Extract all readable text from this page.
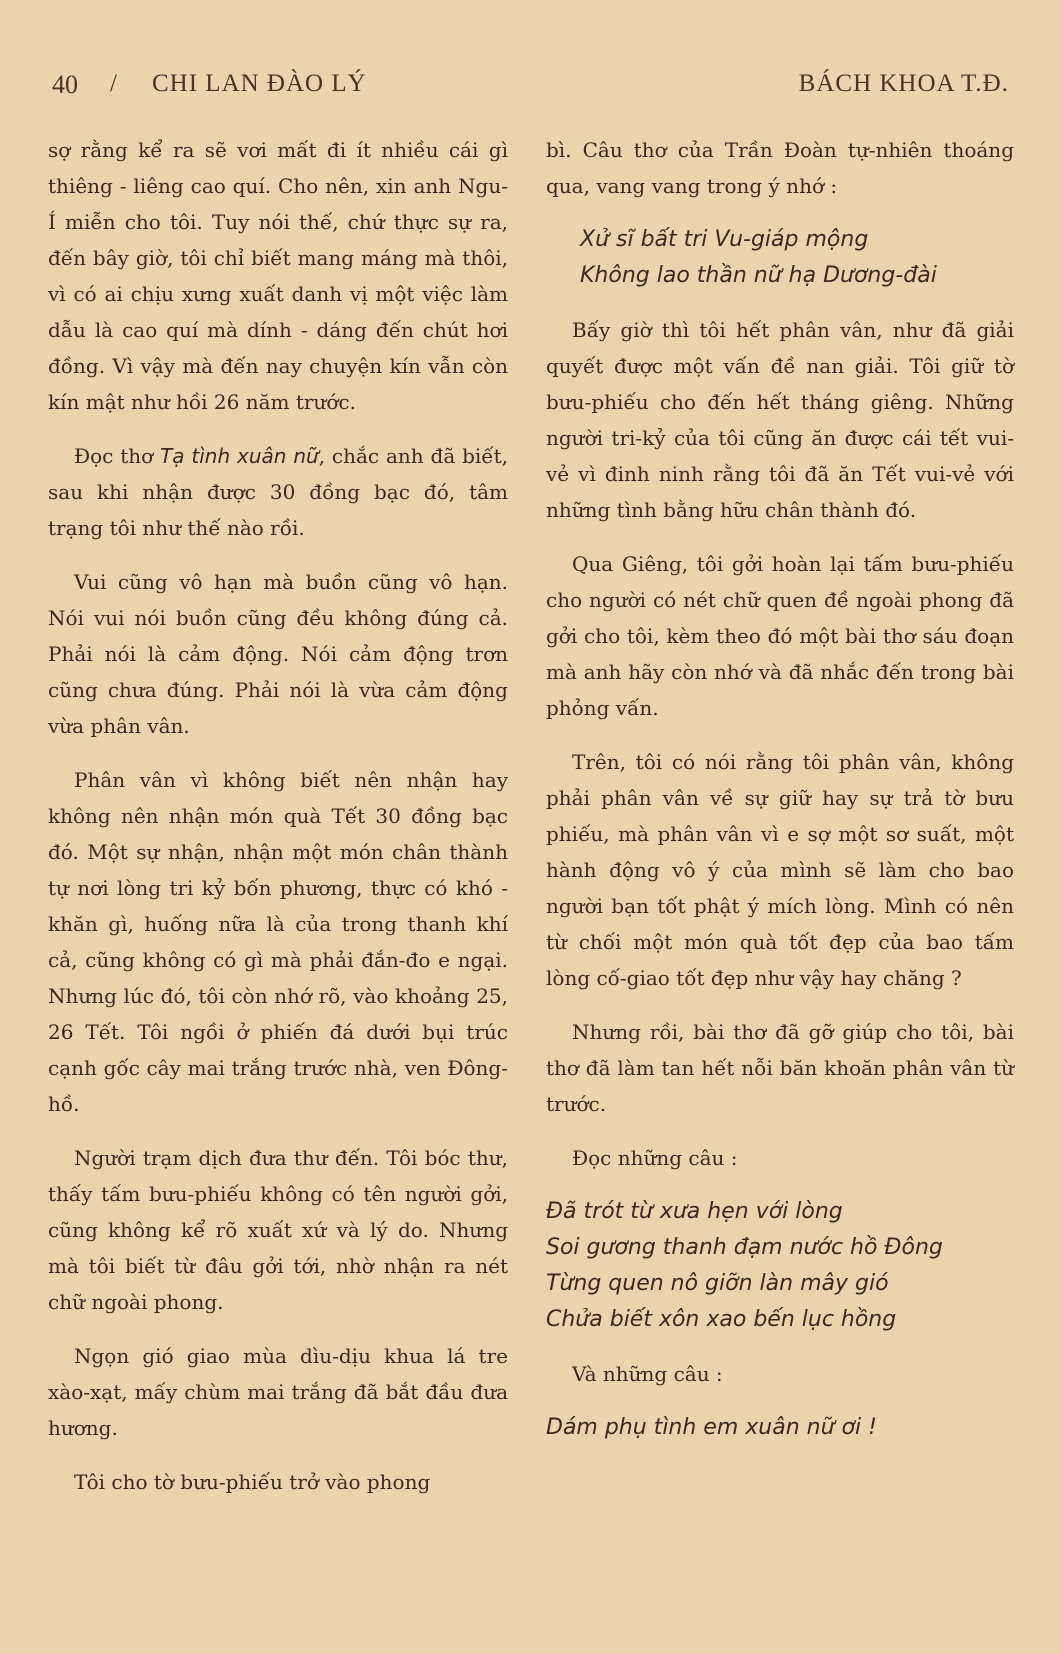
40 / CHI LAN ĐÀO LÝ	BÁCH KHOA T.Đ.

sợ rằng kể ra sẽ vơi mất đi ít nhiều cái gì thiêng - liêng cao quí. Cho nên, xin anh Ngu-Í miễn cho tôi. Tuy nói thế, chứ thực sự ra, đến bây giờ, tôi chỉ biết mang máng mà thôi, vì có ai chịu xưng xuất danh vị một việc làm dẫu là cao quí mà dính - dáng đến chút hơi đồng. Vì vậy mà đến nay chuyện kín vẫn còn kín mật như hồi 26 năm trước.

Đọc thơ Tạ tình xuân nữ, chắc anh đã biết, sau khi nhận được 30 đồng bạc đó, tâm trạng tôi như thế nào rồi.

Vui cũng vô hạn mà buồn cũng vô hạn. Nói vui nói buồn cũng đều không đúng cả. Phải nói là cảm động. Nói cảm động trơn cũng chưa đúng. Phải nói là vừa cảm động vừa phân vân.

Phân vân vì không biết nên nhận hay không nên nhận món quà Tết 30 đồng bạc đó. Một sự nhận, nhận một món chân thành tự nơi lòng tri kỷ bốn phương, thực có khó - khăn gì, huống nữa là của trong thanh khí cả, cũng không có gì mà phải đắn-đo e ngại. Nhưng lúc đó, tôi còn nhớ rõ, vào khoảng 25, 26 Tết. Tôi ngồi ở phiến đá dưới bụi trúc cạnh gốc cây mai trắng trước nhà, ven Đông-hồ.

Người trạm dịch đưa thư đến. Tôi bóc thư, thấy tấm bưu-phiếu không có tên người gởi, cũng không kể rõ xuất xứ và lý do. Nhưng mà tôi biết từ đâu gởi tới, nhờ nhận ra nét chữ ngoài phong.

Ngọn gió giao mùa dìu-dịu khua lá tre xào-xạt, mấy chùm mai trắng đã bắt đầu đưa hương.

Tôi cho tờ bưu-phiếu trở vào phong

bì. Câu thơ của Trần Đoàn tự-nhiên thoáng qua, vang vang trong ý nhớ :

Xử sĩ bất tri Vu-giáp mộng
Không lao thần nữ hạ Dương-đài

Bấy giờ thì tôi hết phân vân, như đã giải quyết được một vấn đề nan giải. Tôi giữ tờ bưu-phiếu cho đến hết tháng giêng. Những người tri-kỷ của tôi cũng ăn được cái tết vui-vẻ vì đinh ninh rằng tôi đã ăn Tết vui-vẻ với những tình bằng hữu chân thành đó.

Qua Giêng, tôi gởi hoàn lại tấm bưu-phiếu cho người có nét chữ quen đề ngoài phong đã gởi cho tôi, kèm theo đó một bài thơ sáu đoạn mà anh hãy còn nhớ và đã nhắc đến trong bài phỏng vấn.

Trên, tôi có nói rằng tôi phân vân, không phải phân vân về sự giữ hay sự trả tờ bưu phiếu, mà phân vân vì e sợ một sơ suất, một hành động vô ý của mình sẽ làm cho bao người bạn tốt phật ý mích lòng. Mình có nên từ chối một món quà tốt đẹp của bao tấm lòng cố-giao tốt đẹp như vậy hay chăng ?

Nhưng rồi, bài thơ đã gỡ giúp cho tôi, bài thơ đã làm tan hết nỗi băn khoăn phân vân từ trước.

Đọc những câu :
Đã trót từ xưa hẹn với lòng
Soi gương thanh đạm nước hồ Đông
Từng quen nô giỡn làn mây gió
Chửa biết xôn xao bến lục hồng
Và những câu :
Dám phụ tình em xuân nữ ơi !
